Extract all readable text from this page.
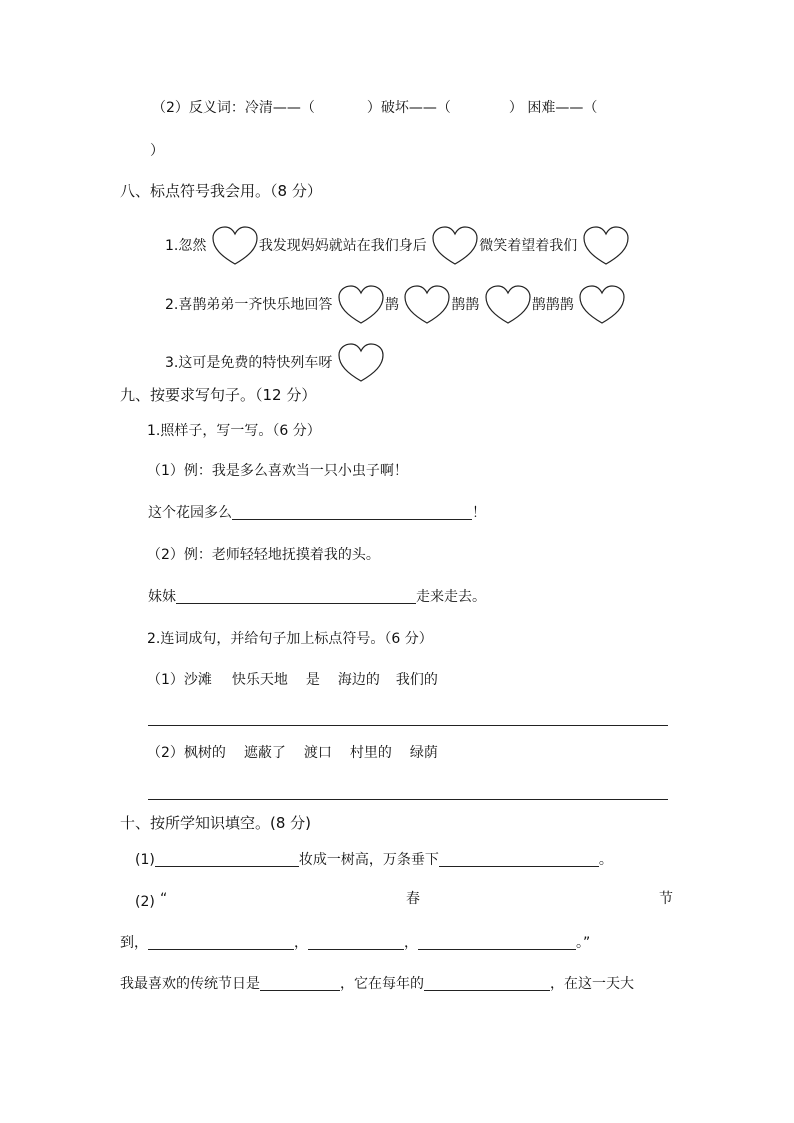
（2）反义词：冷清——（	）破坏——（	） 困难——（
）
八、标点符号我会用。（8 分）
1.忽然	我发现妈妈就站在我们身后	微笑着望着我们
2.喜鹊弟弟一齐快乐地回答	鹊	鹊鹊	鹊鹊鹊
3.这可是免费的特快列车呀
九、按要求写句子。（12 分）
1.照样子，写一写。（6 分）
（1）例：我是多么喜欢当一只小虫子啊！
这个花园多么	！
（2）例：老师轻轻地抚摸着我的头。
妹妹	走来走去。
2.连词成句，并给句子加上标点符号。（6 分）
（1）沙滩 快乐天地 是 海边的 我们的
（2）枫树的 遮蔽了 渡口 村里的 绿荫
十、按所学知识填空。(8 分)
(1)	妆成一树高，万条垂下	。
(2) “	春	节
到，	，	，	。”
我最喜欢的传统节日是	，它在每年的	，在这一天大
